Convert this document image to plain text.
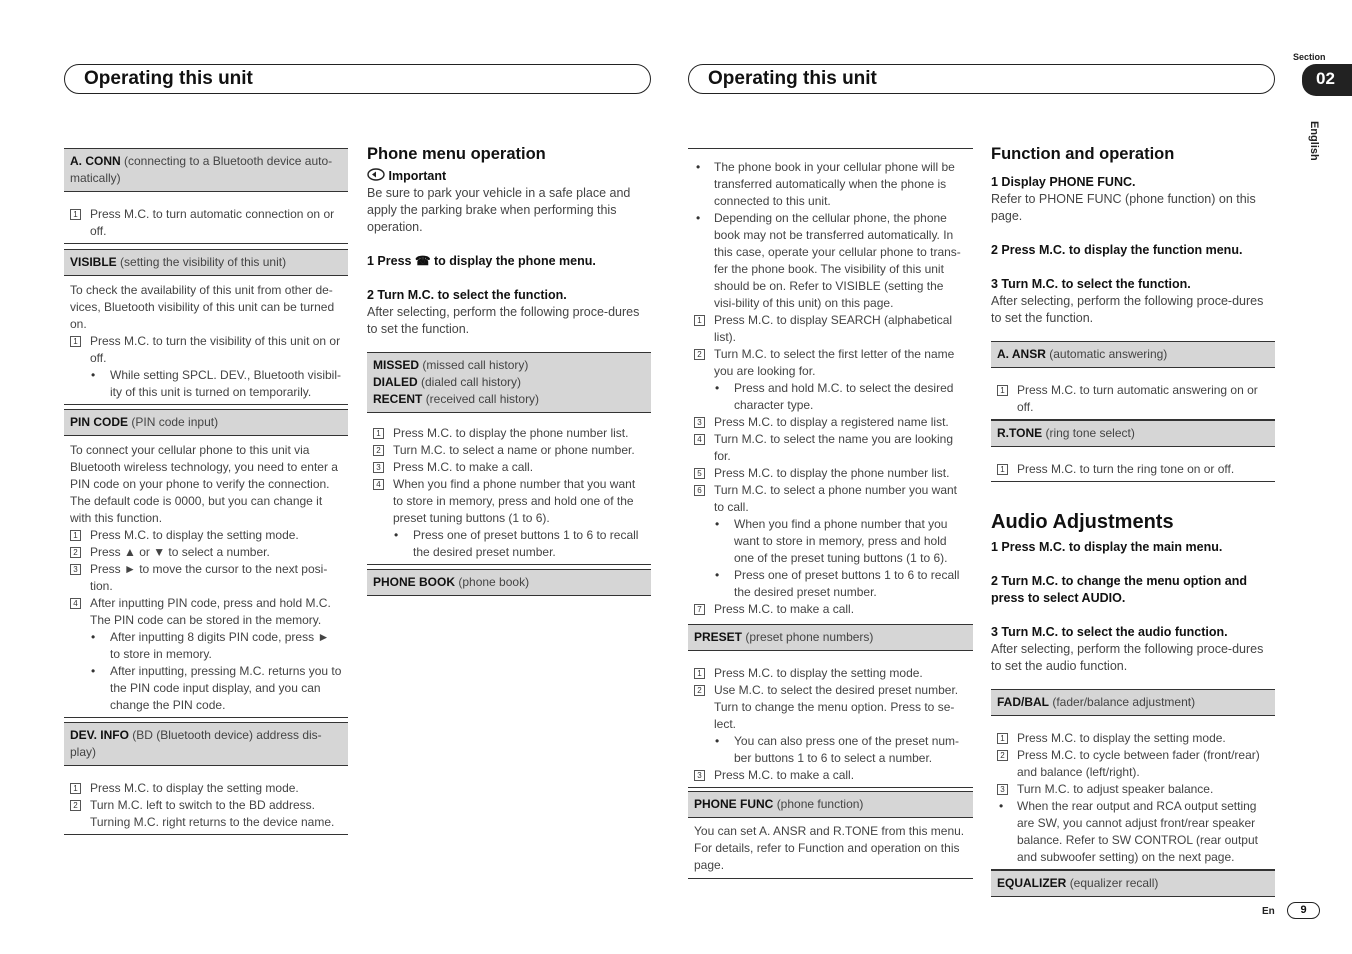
Operating this unit	Operating this unit
Section
02
English
A. CONN (connecting to a Bluetooth device auto-matically)
1 Press M.C. to turn automatic connection on or off.
VISIBLE (setting the visibility of this unit)
To check the availability of this unit from other de-vices, Bluetooth visibility of this unit can be turned on.
1 Press M.C. to turn the visibility of this unit on or off.
• While setting SPCL. DEV., Bluetooth visibil-ity of this unit is turned on temporarily.
PIN CODE (PIN code input)
To connect your cellular phone to this unit via Bluetooth wireless technology, you need to enter a PIN code on your phone to verify the connection. The default code is 0000, but you can change it with this function.
1 Press M.C. to display the setting mode.
2 Press ▲ or ▼ to select a number.
3 Press ► to move the cursor to the next posi-tion.
4 After inputting PIN code, press and hold M.C. The PIN code can be stored in the memory.
• After inputting 8 digits PIN code, press ► to store in memory.
• After inputting, pressing M.C. returns you to the PIN code input display, and you can change the PIN code.
DEV. INFO (BD (Bluetooth device) address dis-play)
1 Press M.C. to display the setting mode.
2 Turn M.C. left to switch to the BD address. Turning M.C. right returns to the device name.
Phone menu operation
Important
Be sure to park your vehicle in a safe place and apply the parking brake when performing this operation.
1 Press ☎ to display the phone menu.
2 Turn M.C. to select the function.
After selecting, perform the following proce-dures to set the function.
MISSED (missed call history)
DIALED (dialed call history)
RECENT (received call history)
1 Press M.C. to display the phone number list.
2 Turn M.C. to select a name or phone number.
3 Press M.C. to make a call.
4 When you find a phone number that you want to store in memory, press and hold one of the preset tuning buttons (1 to 6).
• Press one of preset buttons 1 to 6 to recall the desired preset number.
PHONE BOOK (phone book)
• The phone book in your cellular phone will be transferred automatically when the phone is connected to this unit.
• Depending on the cellular phone, the phone book may not be transferred automatically. In this case, operate your cellular phone to trans-fer the phone book. The visibility of this unit should be on. Refer to VISIBLE (setting the visi-bility of this unit) on this page.
1 Press M.C. to display SEARCH (alphabetical list).
2 Turn M.C. to select the first letter of the name you are looking for.
• Press and hold M.C. to select the desired character type.
3 Press M.C. to display a registered name list.
4 Turn M.C. to select the name you are looking for.
5 Press M.C. to display the phone number list.
6 Turn M.C. to select a phone number you want to call.
• When you find a phone number that you want to store in memory, press and hold one of the preset tuning buttons (1 to 6).
• Press one of preset buttons 1 to 6 to recall the desired preset number.
7 Press M.C. to make a call.
PRESET (preset phone numbers)
1 Press M.C. to display the setting mode.
2 Use M.C. to select the desired preset number. Turn to change the menu option. Press to se-lect.
• You can also press one of the preset num-ber buttons 1 to 6 to select a number.
3 Press M.C. to make a call.
PHONE FUNC (phone function)
You can set A. ANSR and R.TONE from this menu. For details, refer to Function and operation on this page.
Function and operation
1 Display PHONE FUNC.
Refer to PHONE FUNC (phone function) on this page.
2 Press M.C. to display the function menu.
3 Turn M.C. to select the function.
After selecting, perform the following proce-dures to set the function.
A. ANSR (automatic answering)
1 Press M.C. to turn automatic answering on or off.
R.TONE (ring tone select)
1 Press M.C. to turn the ring tone on or off.
Audio Adjustments
1 Press M.C. to display the main menu.
2 Turn M.C. to change the menu option and press to select AUDIO.
3 Turn M.C. to select the audio function.
After selecting, perform the following proce-dures to set the audio function.
FAD/BAL (fader/balance adjustment)
1 Press M.C. to display the setting mode.
2 Press M.C. to cycle between fader (front/rear) and balance (left/right).
3 Turn M.C. to adjust speaker balance.
• When the rear output and RCA output setting are SW, you cannot adjust front/rear speaker balance. Refer to SW CONTROL (rear output and subwoofer setting) on the next page.
EQUALIZER (equalizer recall)
En	9
